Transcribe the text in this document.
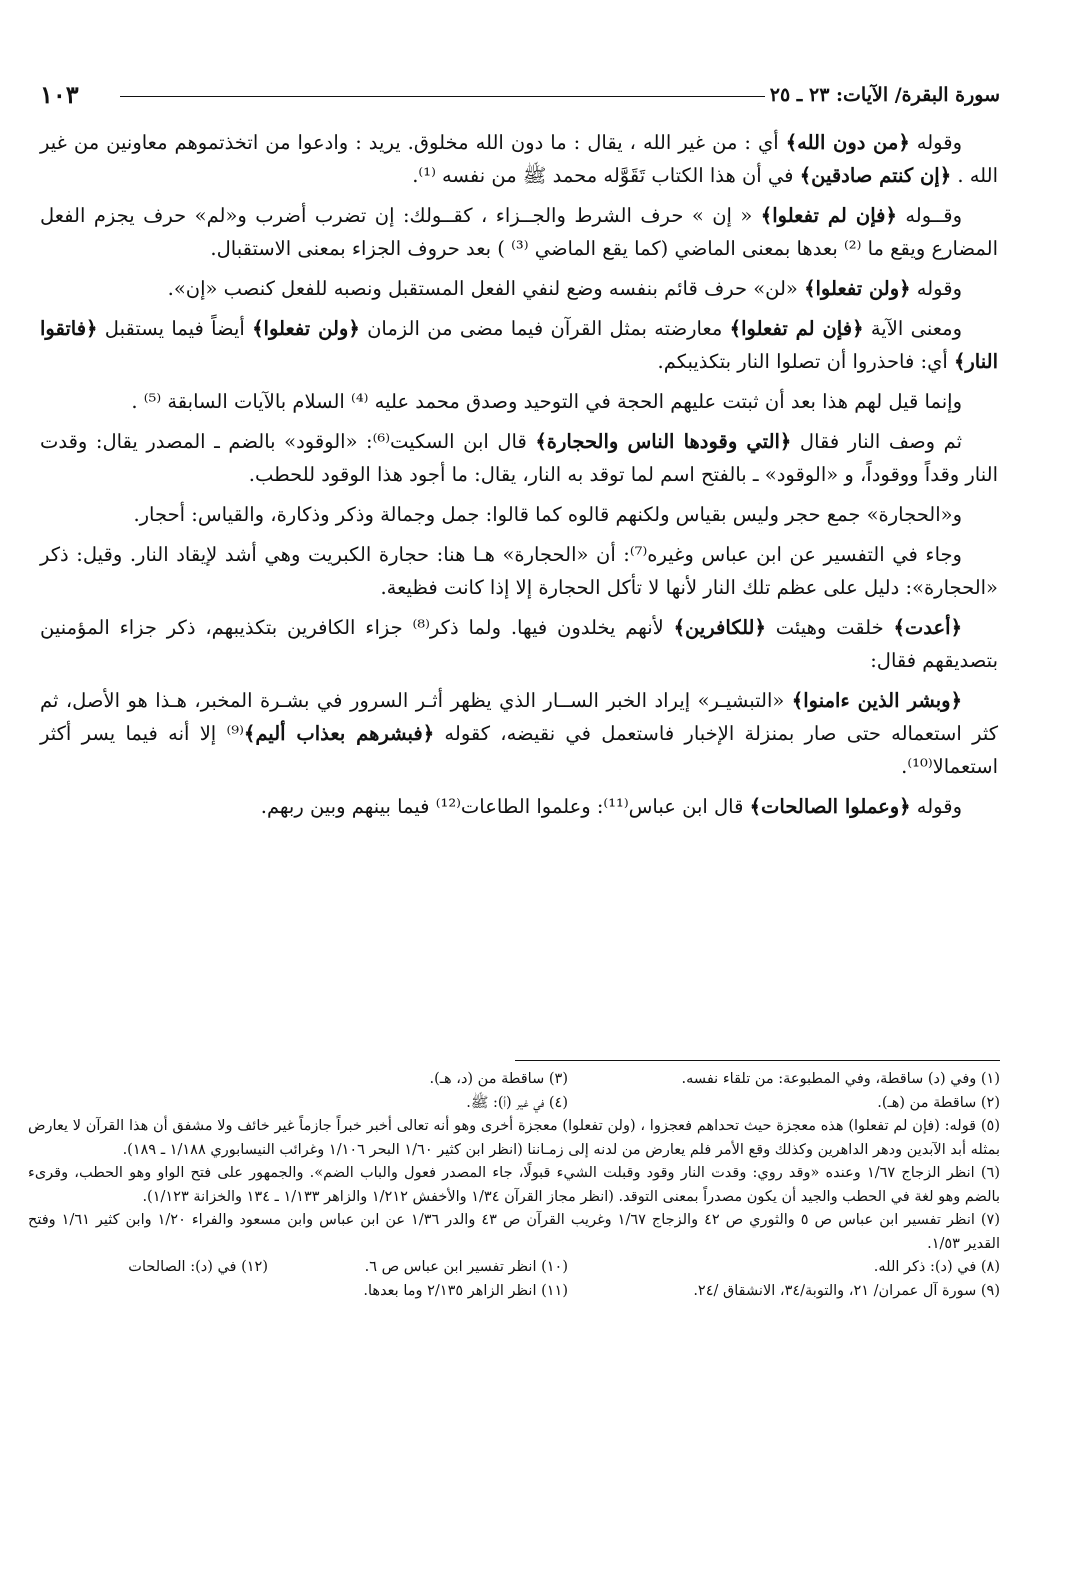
سورة البقرة/ الآيات: ٢٣ ـ ٢٥
١٠٣

وقوله ﴿من دون الله﴾ أي : من غير الله ، يقال : ما دون الله مخلوق. يريد : وادعوا من اتخذتموهم معاونين من غير الله . ﴿إن كنتم صادقين﴾ في أن هذا الكتاب تَقَوَّله محمد ﷺ من نفسه ⁽¹⁾.

وقــوله ﴿فإن لم تفعلوا﴾ « إن » حرف الشرط والجــزاء ، كقــولك: إن تضرب أضرب و«لم» حرف يجزم الفعل المضارع ويقع ما ⁽²⁾ بعدها بمعنى الماضي (كما يقع الماضي ⁽³⁾ ) بعد حروف الجزاء بمعنى الاستقبال.

وقوله ﴿ولن تفعلوا﴾ «لن» حرف قائم بنفسه وضع لنفي الفعل المستقبل ونصبه للفعل كنصب «إن».

ومعنى الآية ﴿فإن لم تفعلوا﴾ معارضته بمثل القرآن فيما مضى من الزمان ﴿ولن تفعلوا﴾ أيضاً فيما يستقبل ﴿فاتقوا النار﴾ أي: فاحذروا أن تصلوا النار بتكذيبكم.

وإنما قيل لهم هذا بعد أن ثبتت عليهم الحجة في التوحيد وصدق محمد عليه ⁽⁴⁾ السلام بالآيات السابقة ⁽⁵⁾ .

ثم وصف النار فقال ﴿التي وقودها الناس والحجارة﴾ قال ابن السكيت⁽⁶⁾: «الوقود» بالضم ـ المصدر يقال: وقدت النار وقداً ووقوداً، و «الوقود» ـ بالفتح اسم لما توقد به النار، يقال: ما أجود هذا الوقود للحطب.

و«الحجارة» جمع حجر وليس بقياس ولكنهم قالوه كما قالوا: جمل وجمالة وذكر وذكارة، والقياس: أحجار.

وجاء في التفسير عن ابن عباس وغيره⁽⁷⁾: أن «الحجارة» هـا هنا: حجارة الكبريت وهي أشد لإيقاد النار. وقيل: ذكر «الحجارة»: دليل على عظم تلك النار لأنها لا تأكل الحجارة إلا إذا كانت فظيعة.

﴿أعدت﴾ خلقت وهيئت ﴿للكافرين﴾ لأنهم يخلدون فيها. ولما ذكر⁽⁸⁾ جزاء الكافرين بتكذيبهم، ذكر جزاء المؤمنين بتصديقهم فقال:

﴿وبشر الذين ءامنوا﴾ «التبشيـر» إيراد الخبر الســار الذي يظهر أثـر السرور في بشـرة المخبر، هـذا هو الأصل، ثم كثر استعماله حتى صار بمنزلة الإخبار فاستعمل في نقيضه، كقوله ﴿فبشرهم بعذاب أليم﴾⁽⁹⁾ إلا أنه فيما يسر أكثر استعمالا⁽¹⁰⁾.

وقوله ﴿وعملوا الصالحات﴾ قال ابن عباس⁽¹¹⁾: وعلموا الطاعات⁽¹²⁾ فيما بينهم وبين ربهم.

(١) وفي (د) ساقطة، وفي المطبوعة: من تلقاء نفسه.
(٣) ساقطة من (د، هـ).
(٢) ساقطة من (هـ).
(٤) في غير (أ): ﷺ.

(٥) قوله: (فإن لم تفعلوا) هذه معجزة حيث تحداهم فعجزوا ، (ولن تفعلوا) معجزة أخرى وهو أنه تعالى أخبر خبراً جازماً غير خائف ولا مشفق أن هذا القرآن لا يعارض بمثله أبد الآبدين ودهر الداهرين وكذلك وقع الأمر فلم يعارض من لدنه إلى زمـاننا (انظر ابن كثير ١/٦٠ البحر ١/١٠٦ وغرائب النيسابوري ١/١٨٨ ـ ١٨٩).

(٦) انظر الزجاج ١/٦٧ وعنده «وقد روي: وقدت النار وقود وقبلت الشيء قبولًا، جاء المصدر فعول والباب الضم». والجمهور على فتح الواو وهو الحطب، وقرىء بالضم وهو لغة في الحطب والجيد أن يكون مصدراً بمعنى التوقد. (انظر مجاز القرآن ١/٣٤ والأخفش ١/٢١٢ والزاهر ١/١٣٣ ـ ١٣٤ والخزانة ١/١٢٣).

(٧) انظر تفسير ابن عباس ص ٥ والثوري ص ٤٢ والزجاج ١/٦٧ وغريب القرآن ص ٤٣ والدر ١/٣٦ عن ابن عباس وابن مسعود والفراء ١/٢٠ وابن كثير ١/٦١ وفتح القدير ١/٥٣.

(٨) في (د): ذكر الله.
(١٠) انظر تفسير ابن عباس ص ٦.
(١٢) في (د): الصالحات
(٩) سورة آل عمران/ ٢١، والتوبة/٣٤، الانشقاق /٢٤.
(١١) انظر الزاهر ٢/١٣٥ وما بعدها.
